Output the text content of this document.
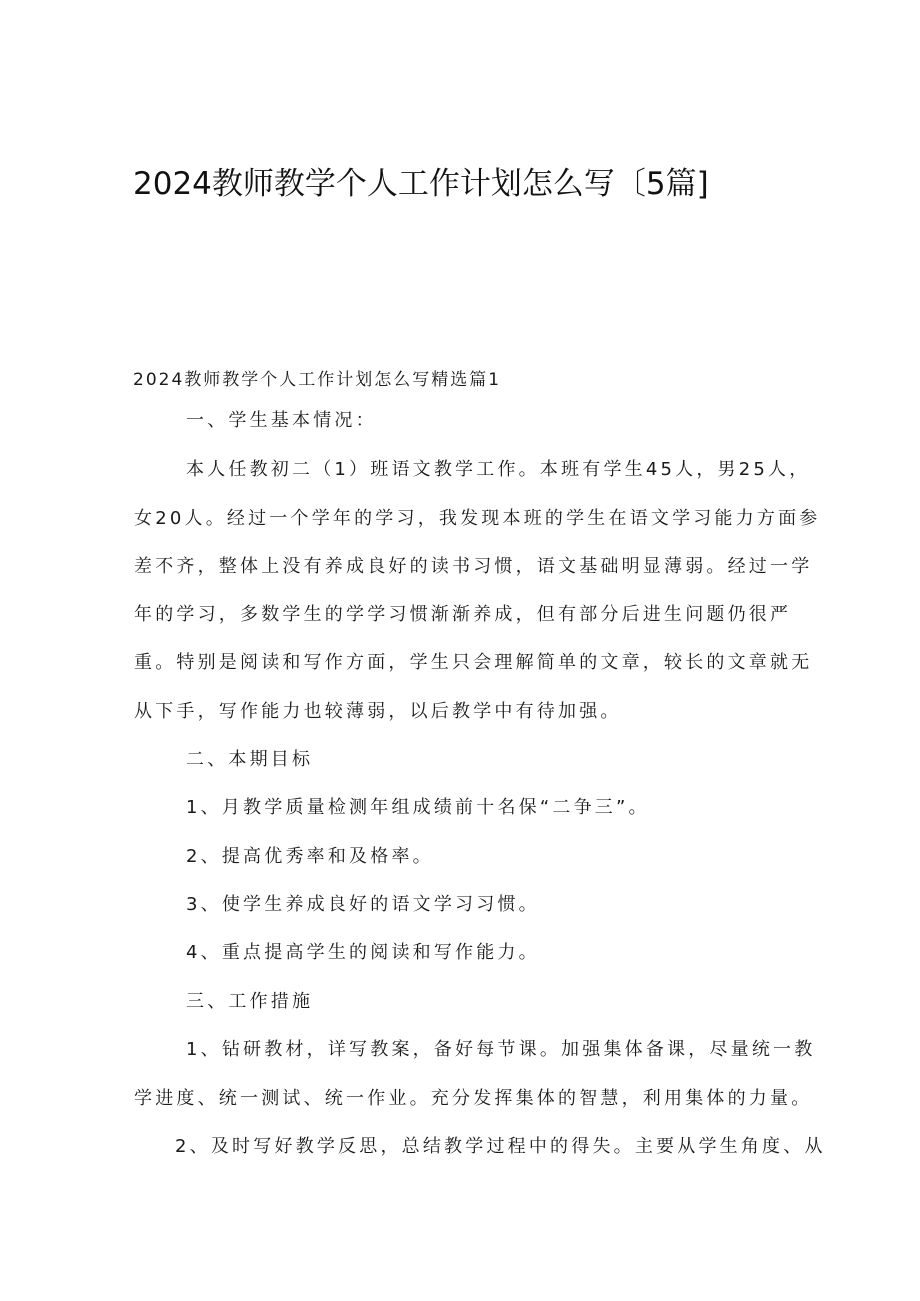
2024教师教学个人工作计划怎么写〔5篇]
2024教师教学个人工作计划怎么写精选篇1
一、学生基本情况：
本人任教初二（1）班语文教学工作。本班有学生45人，男25人，
女20人。经过一个学年的学习，我发现本班的学生在语文学习能力方面参
差不齐，整体上没有养成良好的读书习惯，语文基础明显薄弱。经过一学
年的学习，多数学生的学学习惯渐渐养成，但有部分后进生问题仍很严
重。特别是阅读和写作方面，学生只会理解简单的文章，较长的文章就无
从下手，写作能力也较薄弱，以后教学中有待加强。
二、本期目标
1、月教学质量检测年组成绩前十名保“二争三”。
2、提高优秀率和及格率。
3、使学生养成良好的语文学习习惯。
4、重点提高学生的阅读和写作能力。
三、工作措施
1、钻研教材，详写教案，备好每节课。加强集体备课，尽量统一教
学进度、统一测试、统一作业。充分发挥集体的智慧，利用集体的力量。
2、及时写好教学反思，总结教学过程中的得失。主要从学生角度、从
